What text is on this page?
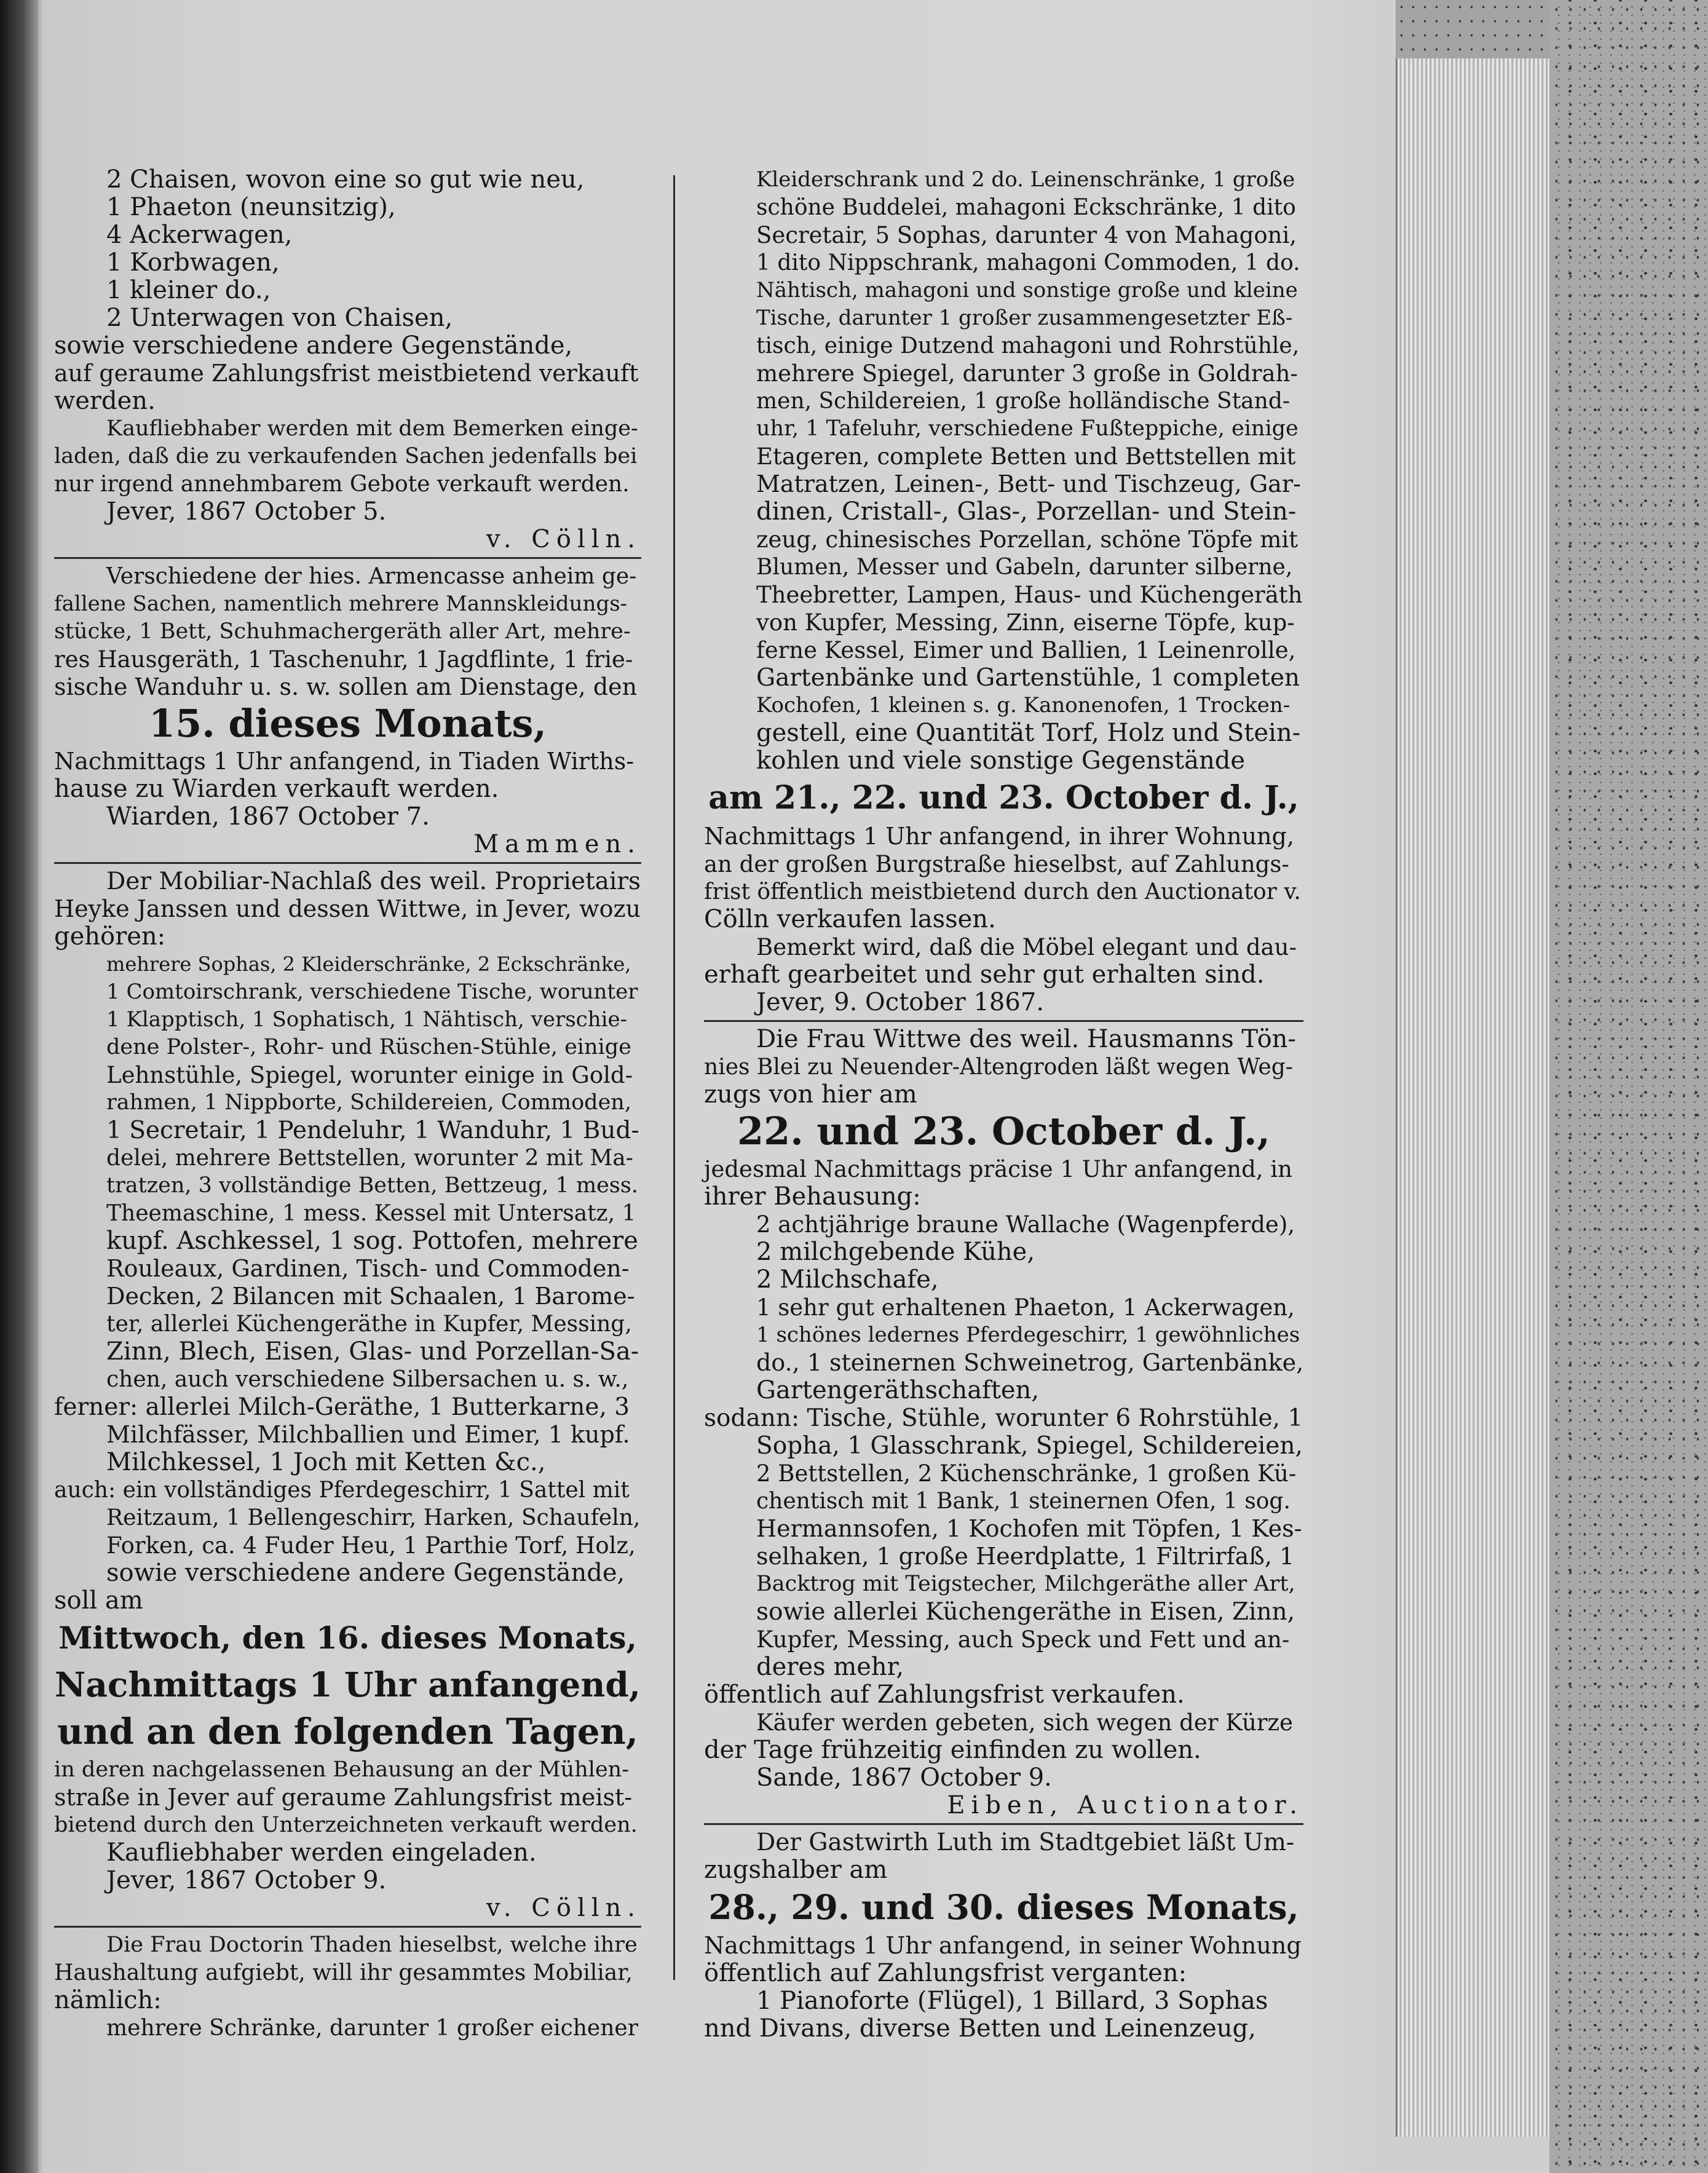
2 Chaisen, wovon eine so gut wie neu,

1 Phaeton (neunsitzig),

4 Ackerwagen,

1 Korbwagen,

1 kleiner do.,

2 Unterwagen von Chaisen,

sowie verschiedene andere Gegenstände,

auf geraume Zahlungsfrist meistbietend verkauft

werden.

Kaufliebhaber werden mit dem Bemerken einge-

laden, daß die zu verkaufenden Sachen jedenfalls bei

nur irgend annehmbarem Gebote verkauft werden.

Jever, 1867 October 5.

v. Cölln.

Verschiedene der hies. Armencasse anheim ge-

fallene Sachen, namentlich mehrere Mannskleidungs-

stücke, 1 Bett, Schuhmachergeräth aller Art, mehre-

res Hausgeräth, 1 Taschenuhr, 1 Jagdflinte, 1 frie-

sische Wanduhr u. s. w. sollen am Dienstage, den

15. dieses Monats,

Nachmittags 1 Uhr anfangend, in Tiaden Wirths-

hause zu Wiarden verkauft werden.

Wiarden, 1867 October 7.

Mammen.

Der Mobiliar-Nachlaß des weil. Proprietairs

Heyke Janssen und dessen Wittwe, in Jever, wozu

gehören:

mehrere Sophas, 2 Kleiderschränke, 2 Eckschränke,

1 Comtoirschrank, verschiedene Tische, worunter

1 Klapptisch, 1 Sophatisch, 1 Nähtisch, verschie-

dene Polster-, Rohr- und Rüschen-Stühle, einige

Lehnstühle, Spiegel, worunter einige in Gold-

rahmen, 1 Nippborte, Schildereien, Commoden,

1 Secretair, 1 Pendeluhr, 1 Wanduhr, 1 Bud-

delei, mehrere Bettstellen, worunter 2 mit Ma-

tratzen, 3 vollständige Betten, Bettzeug, 1 mess.

Theemaschine, 1 mess. Kessel mit Untersatz, 1

kupf. Aschkessel, 1 sog. Pottofen, mehrere

Rouleaux, Gardinen, Tisch- und Commoden-

Decken, 2 Bilancen mit Schaalen, 1 Barome-

ter, allerlei Küchengeräthe in Kupfer, Messing,

Zinn, Blech, Eisen, Glas- und Porzellan-Sa-

chen, auch verschiedene Silbersachen u. s. w.,

ferner: allerlei Milch-Geräthe, 1 Butterkarne, 3

Milchfässer, Milchballien und Eimer, 1 kupf.

Milchkessel, 1 Joch mit Ketten &c.,

auch: ein vollständiges Pferdegeschirr, 1 Sattel mit

Reitzaum, 1 Bellengeschirr, Harken, Schaufeln,

Forken, ca. 4 Fuder Heu, 1 Parthie Torf, Holz,

sowie verschiedene andere Gegenstände,

soll am

Mittwoch, den 16. dieses Monats,
Nachmittags 1 Uhr anfangend,
und an den folgenden Tagen,

in deren nachgelassenen Behausung an der Mühlen-

straße in Jever auf geraume Zahlungsfrist meist-

bietend durch den Unterzeichneten verkauft werden.

Kaufliebhaber werden eingeladen.

Jever, 1867 October 9.

v. Cölln.

Die Frau Doctorin Thaden hieselbst, welche ihre

Haushaltung aufgiebt, will ihr gesammtes Mobiliar,

nämlich:

mehrere Schränke, darunter 1 großer eichener

Kleiderschrank und 2 do. Leinenschränke, 1 große

schöne Buddelei, mahagoni Eckschränke, 1 dito

Secretair, 5 Sophas, darunter 4 von Mahagoni,

1 dito Nippschrank, mahagoni Commoden, 1 do.

Nähtisch, mahagoni und sonstige große und kleine

Tische, darunter 1 großer zusammengesetzter Eß-

tisch, einige Dutzend mahagoni und Rohrstühle,

mehrere Spiegel, darunter 3 große in Goldrah-

men, Schildereien, 1 große holländische Stand-

uhr, 1 Tafeluhr, verschiedene Fußteppiche, einige

Etageren, complete Betten und Bettstellen mit

Matratzen, Leinen-, Bett- und Tischzeug, Gar-

dinen, Cristall-, Glas-, Porzellan- und Stein-

zeug, chinesisches Porzellan, schöne Töpfe mit

Blumen, Messer und Gabeln, darunter silberne,

Theebretter, Lampen, Haus- und Küchengeräth

von Kupfer, Messing, Zinn, eiserne Töpfe, kup-

ferne Kessel, Eimer und Ballien, 1 Leinenrolle,

Gartenbänke und Gartenstühle, 1 completen

Kochofen, 1 kleinen s. g. Kanonenofen, 1 Trocken-

gestell, eine Quantität Torf, Holz und Stein-

kohlen und viele sonstige Gegenstände

am 21., 22. und 23. October d. J.,

Nachmittags 1 Uhr anfangend, in ihrer Wohnung,

an der großen Burgstraße hieselbst, auf Zahlungs-

frist öffentlich meistbietend durch den Auctionator v.

Cölln verkaufen lassen.

Bemerkt wird, daß die Möbel elegant und dau-

erhaft gearbeitet und sehr gut erhalten sind.

Jever, 9. October 1867.

Die Frau Wittwe des weil. Hausmanns Tön-

nies Blei zu Neuender-Altengroden läßt wegen Weg-

zugs von hier am

22. und 23. October d. J.,

jedesmal Nachmittags präcise 1 Uhr anfangend, in

ihrer Behausung:

2 achtjährige braune Wallache (Wagenpferde),

2 milchgebende Kühe,

2 Milchschafe,

1 sehr gut erhaltenen Phaeton, 1 Ackerwagen,

1 schönes ledernes Pferdegeschirr, 1 gewöhnliches

do., 1 steinernen Schweinetrog, Gartenbänke,

Gartengeräthschaften,

sodann: Tische, Stühle, worunter 6 Rohrstühle, 1

Sopha, 1 Glasschrank, Spiegel, Schildereien,

2 Bettstellen, 2 Küchenschränke, 1 großen Kü-

chentisch mit 1 Bank, 1 steinernen Ofen, 1 sog.

Hermannsofen, 1 Kochofen mit Töpfen, 1 Kes-

selhaken, 1 große Heerdplatte, 1 Filtrirfaß, 1

Backtrog mit Teigstecher, Milchgeräthe aller Art,

sowie allerlei Küchengeräthe in Eisen, Zinn,

Kupfer, Messing, auch Speck und Fett und an-

deres mehr,

öffentlich auf Zahlungsfrist verkaufen.

Käufer werden gebeten, sich wegen der Kürze

der Tage frühzeitig einfinden zu wollen.

Sande, 1867 October 9.

Eiben, Auctionator.

Der Gastwirth Luth im Stadtgebiet läßt Um-

zugshalber am

28., 29. und 30. dieses Monats,

Nachmittags 1 Uhr anfangend, in seiner Wohnung

öffentlich auf Zahlungsfrist verganten:

1 Pianoforte (Flügel), 1 Billard, 3 Sophas

nnd Divans, diverse Betten und Leinenzeug,
